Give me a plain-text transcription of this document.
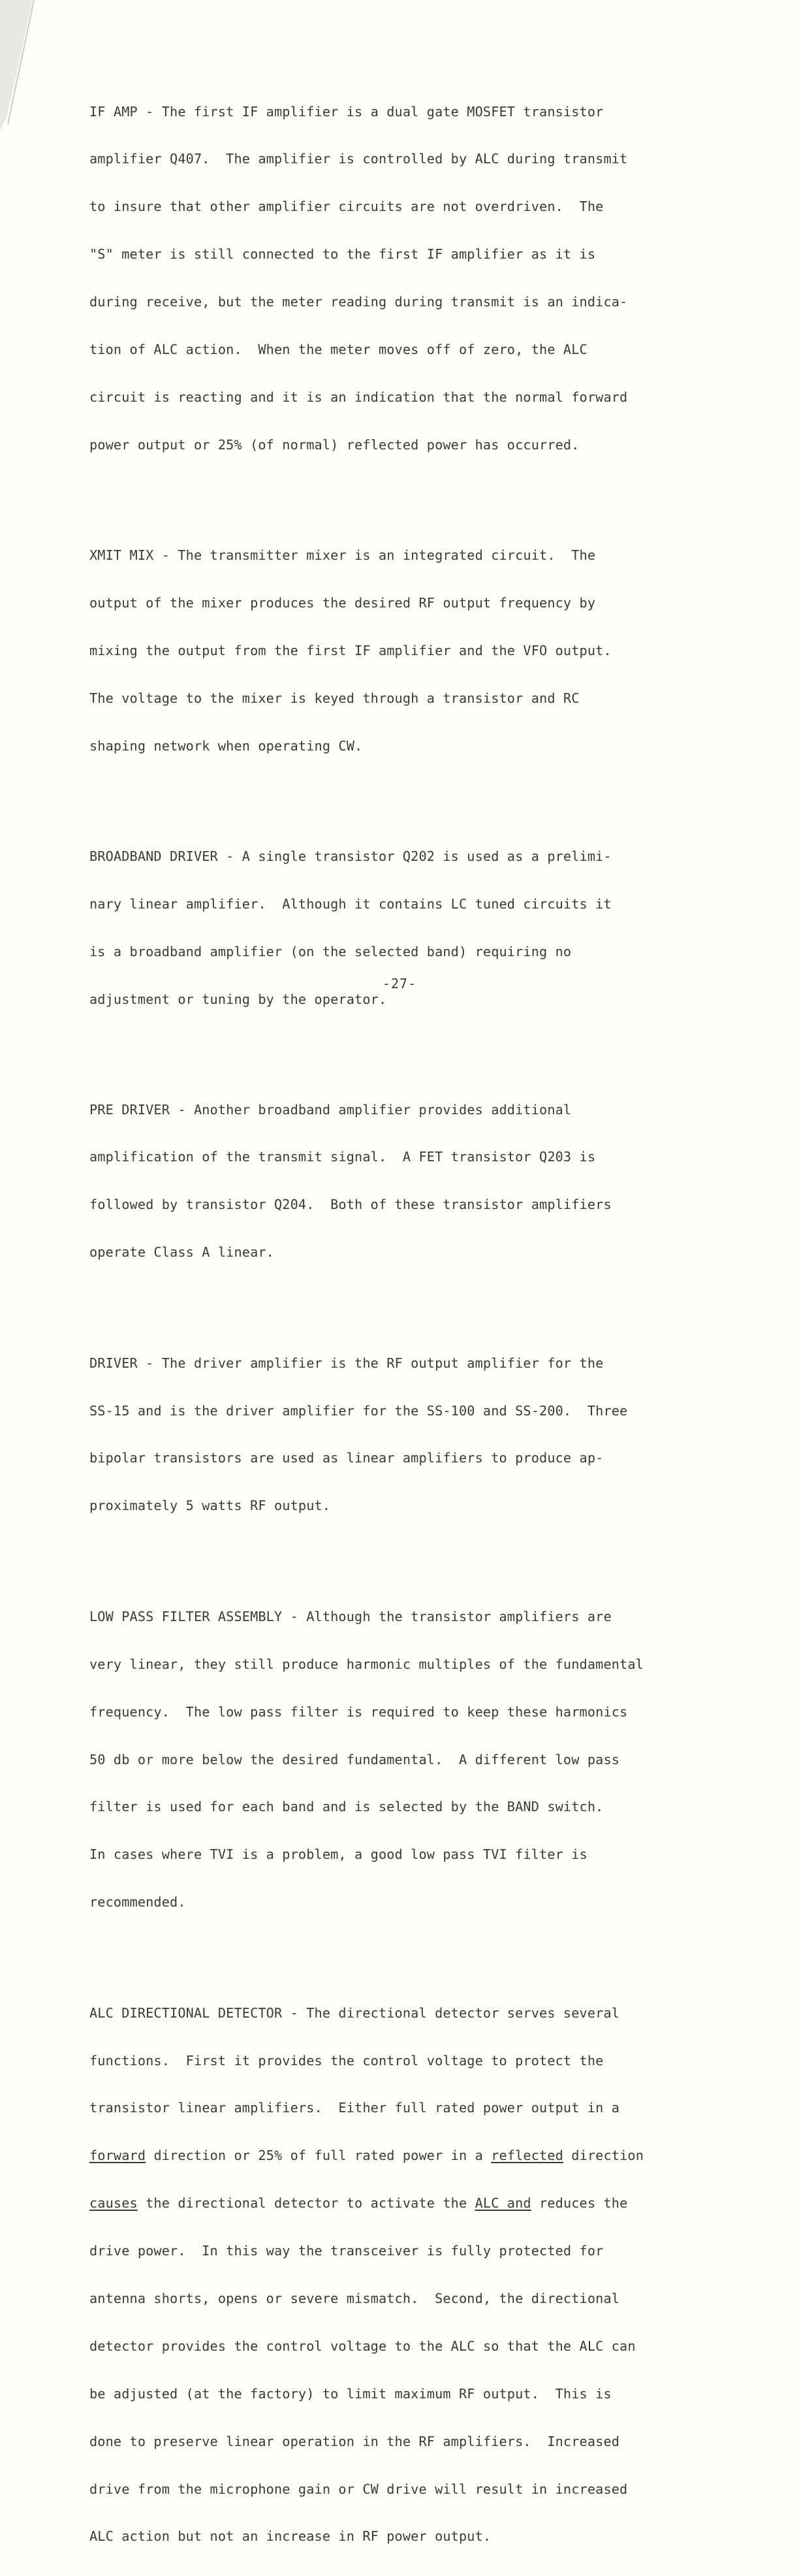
IF AMP - The first IF amplifier is a dual gate MOSFET transistor

amplifier Q407.  The amplifier is controlled by ALC during transmit

to insure that other amplifier circuits are not overdriven.  The

"S" meter is still connected to the first IF amplifier as it is

during receive, but the meter reading during transmit is an indica-

tion of ALC action.  When the meter moves off of zero, the ALC

circuit is reacting and it is an indication that the normal forward

power output or 25% (of normal) reflected power has occurred.

XMIT MIX - The transmitter mixer is an integrated circuit.  The

output of the mixer produces the desired RF output frequency by

mixing the output from the first IF amplifier and the VFO output.

The voltage to the mixer is keyed through a transistor and RC

shaping network when operating CW.

BROADBAND DRIVER - A single transistor Q202 is used as a prelimi-

nary linear amplifier.  Although it contains LC tuned circuits it

is a broadband amplifier (on the selected band) requiring no

adjustment or tuning by the operator.

PRE DRIVER - Another broadband amplifier provides additional

amplification of the transmit signal.  A FET transistor Q203 is

followed by transistor Q204.  Both of these transistor amplifiers

operate Class A linear.

DRIVER - The driver amplifier is the RF output amplifier for the

SS-15 and is the driver amplifier for the SS-100 and SS-200.  Three

bipolar transistors are used as linear amplifiers to produce ap-

proximately 5 watts RF output.

LOW PASS FILTER ASSEMBLY - Although the transistor amplifiers are

very linear, they still produce harmonic multiples of the fundamental

frequency.  The low pass filter is required to keep these harmonics

50 db or more below the desired fundamental.  A different low pass

filter is used for each band and is selected by the BAND switch.

In cases where TVI is a problem, a good low pass TVI filter is

recommended.

ALC DIRECTIONAL DETECTOR - The directional detector serves several

functions.  First it provides the control voltage to protect the

transistor linear amplifiers.  Either full rated power output in a

forward direction or 25% of full rated power in a reflected direction

causes the directional detector to activate the ALC and reduces the

drive power.  In this way the transceiver is fully protected for

antenna shorts, opens or severe mismatch.  Second, the directional

detector provides the control voltage to the ALC so that the ALC can

be adjusted (at the factory) to limit maximum RF output.  This is

done to preserve linear operation in the RF amplifiers.  Increased

drive from the microphone gain or CW drive will result in increased

ALC action but not an increase in RF power output.

-27-
